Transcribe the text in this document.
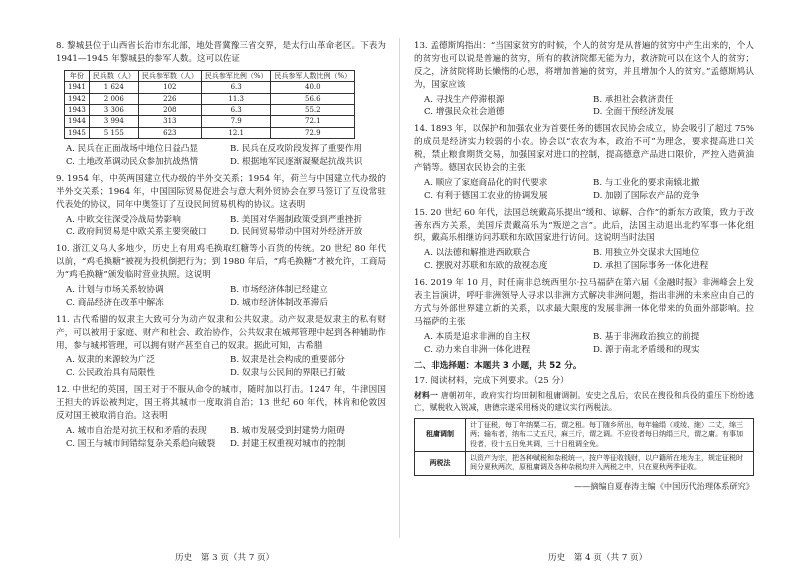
8. 黎城县位于山西省长治市东北部，地处晋冀豫三省交界，是太行山革命老区。下表为1941—1945 年黎城县的参军人数。这可以佐证

年份	民兵数（人）	民兵参军数（人）	民兵参军比例（%）	民兵参军人数比例（%）
1941	1 624	102	6.3	40.0
1942	2 006	226	11.3	56.6
1943	3 306	208	6.3	55.2
1944	3 994	313	7.9	72.1
1945	5 155	623	12.1	72.9
A. 民兵在正面战场中地位日益凸显	B. 民兵在反攻阶段发挥了重要作用
C. 土地改革调动民众参加抗战热情	D. 根据地军民逐渐凝聚起抗战共识

9. 1954 年，中英两国建立代办级的半外交关系；1954 年，荷兰与中国建立代办级的半外交关系；1964 年，中国国际贸易促进会与意大利外贸协会在罗马签订了互设常驻代表处的协议，同年中奥签订了互设民间贸易机构的协议。这表明

A. 中欧交往深受冷战局势影响	B. 美国对华遏制政策受到严重挫折
C. 政府间贸易是中欧关系主要突破口	D. 民间贸易带动中国对外经济开放

10. 浙江义乌人多地少，历史上有用鸡毛换取红糖等小百货的传统。20 世纪 80 年代以前，“鸡毛换糖”被视为投机倒把行为；到 1980 年后，“鸡毛换糖”才被允许，工商局为“鸡毛换糖”颁发临时营业执照。这说明

A. 计划与市场关系较协调	B. 市场经济体制已经建立
C. 商品经济在改革中解冻	D. 城市经济体制改革滞后

11. 古代希腊的奴隶主大致可分为动产奴隶和公共奴隶。动产奴隶是奴隶主的私有财产，可以被用于家庭、财产和杜会、政治协作，公共奴隶在城邦管理中起到各种辅助作用，参与城邦管理，可以拥有财产甚至自己的奴隶。据此可知，古希腊

A. 奴隶的来源较为广泛	B. 奴隶是社会构成的重要部分
C. 公民政治具有局限性	D. 奴隶与公民间的界限已打破

12. 中世纪的英国，国王对于不服从命令的城市，随时加以打击。1247 年，牛津因国王担夫的诉讼被判定，国王将其城市一度取消自治；13 世纪 60 年代，林肯和伦敦因反对国王被取消自治。这表明

A. 城市自治是对抗王权和矛盾的表现	B. 城市发展受到封建势力阻碍
C. 国王与城市间错综复杂关系趋向破裂	D. 封建王权重视对城市的控制

13. 孟德斯鸠指出：“当国家贫穷的时候，个人的贫穷是从普遍的贫穷中产生出来的，个人的贫穷也可以说是普遍的贫穷，所有的救济院都无能为力，救济院可以在这个人的贫穷；反之，济贫院将助长懒惰的心思，将增加普遍的贫穷，并且增加个人的贫穷。”孟德斯鸠认为，国家应该

A. 寻找生产停滞根源	B. 承担社会救济责任
C. 增强民众社会道德	D. 全面干预经济发展

14. 1893 年，以保护和加强农业为首要任务的德国农民协会成立，协会吸引了超过 75% 的成员是经济实力较弱的小农。协会以“农农为本，政治不可”为理念，要求提高进口关税，禁止粮食期货交易，加强国家对进口的控制，提高德意产品进口限价，严控入造黄油产销等。德国农民协会的主张

A. 顺应了家庭商品化的时代要求	B. 与工业化的要求南辕北撤
C. 有利于德国工农业的协调发展	D. 加剧了国际农产品的竞争

15. 20 世纪 60 年代，法国总统戴高乐提出“缓和、谅解、合作”的新东方政策，致力于改善东西方关系，美国斥责戴高乐为“叛逆之言”。此后，法国主动退出北约军事一体化组织，戴高乐相继访问苏联和东欧国家进行访问。这说明当时法国

A. 以法德和解推进西欧联合	B. 用独立外交谋求大国地位
C. 摆脱对苏联和东欧的敌视态度	D. 承担了国际事务一体化进程

16. 2019 年 10 月，时任南非总统西里尔·拉马福萨在第六届《金融时报》非洲峰会上发表主旨演讲，呼吁非洲领导人寻求以非洲方式解决非洲问题，指出非洲的未来应由自己的方式与外部世界建立新的关系，以求最大限度的发展非洲一体化带来的负面外部影响。拉马福萨的主张

A. 本质是追求非洲的自主权	B. 基于非洲政治独立的前提
C. 动力来自非洲一体化进程	D. 源于南北矛盾缓和的现实
二、非选择题：本题共 3 小题，共 52 分。

17. 阅读材料，完成下列要求。（25 分）

材料一 唐朝初年，政府实行均田制和租庸调制。安史之乱后，农民在搜役和兵役的重压下纷纷逃亡，赋税收入锐减，唐德宗遂采用杨炎的建议实行两税法。

租庸调制	计丁征税，每丁年纳粟二石，谓之租。每丁随乡所出，每年输绢（或绫、絁）二丈，绵三两；输布者，纳布二丈五尺，麻三斤，谓之调。不应役者每日纳绢三尺，谓之庸。有事加役者，役十五日免其调，三十日租调全免。
两税法	以资产为宗，把各种赋税和杂税统一，按户等征收钱财，以户籍所在地为主，规定征税时间分夏秋两次，原租庸调及各种杂税均并入两税之中，只在夏秋两季征收。
——摘编自夏春涛主编《中国历代治理体系研究》
历史　第 3 页（共 7 页）	历史　第 4 页（共 7 页）
